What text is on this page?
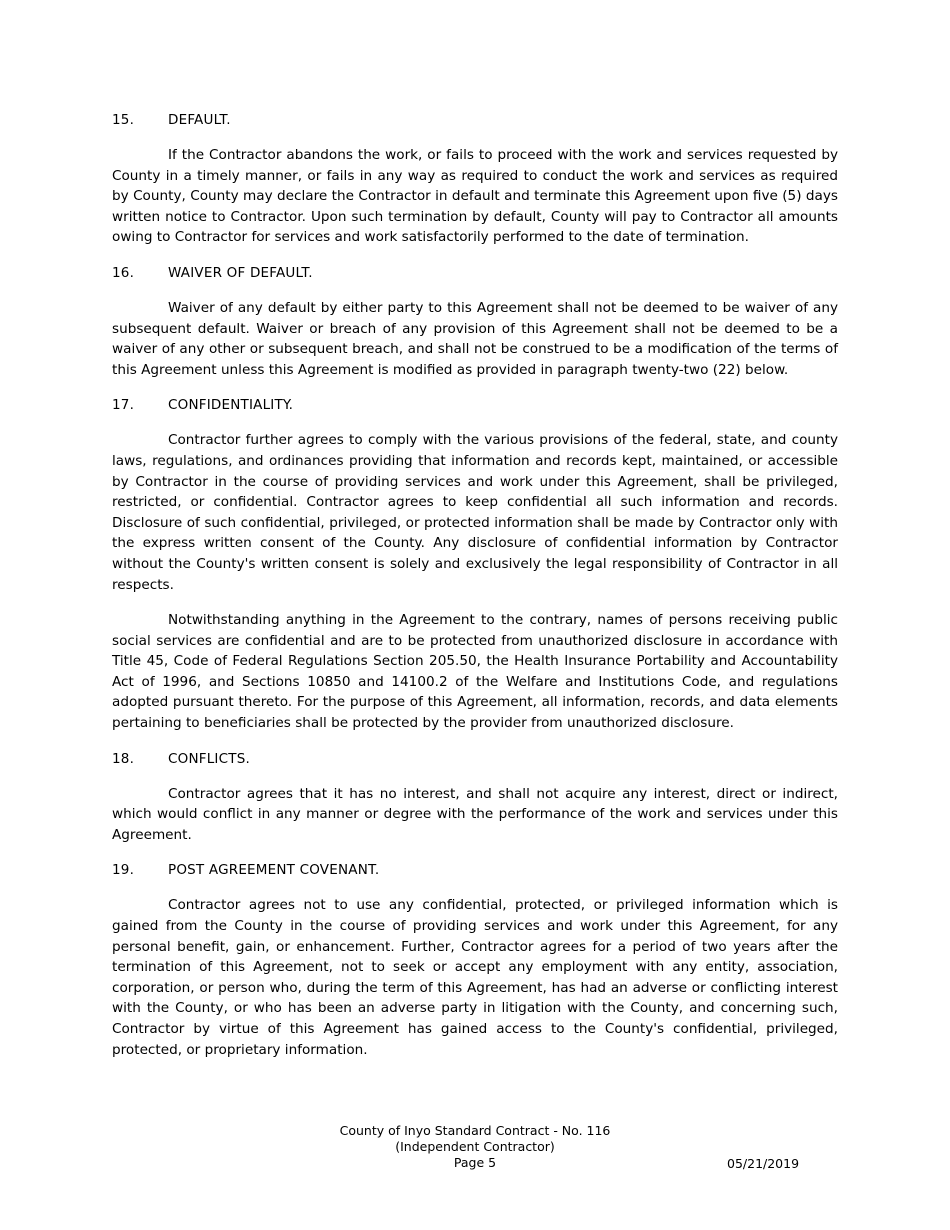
15.	DEFAULT.

If the Contractor abandons the work, or fails to proceed with the work and services requested by County in a timely manner, or fails in any way as required to conduct the work and services as required by County, County may declare the Contractor in default and terminate this Agreement upon five (5) days written notice to Contractor. Upon such termination by default, County will pay to Contractor all amounts owing to Contractor for services and work satisfactorily performed to the date of termination.

16.	WAIVER OF DEFAULT.

Waiver of any default by either party to this Agreement shall not be deemed to be waiver of any subsequent default. Waiver or breach of any provision of this Agreement shall not be deemed to be a waiver of any other or subsequent breach, and shall not be construed to be a modification of the terms of this Agreement unless this Agreement is modified as provided in paragraph twenty-two (22) below.

17.	CONFIDENTIALITY.

Contractor further agrees to comply with the various provisions of the federal, state, and county laws, regulations, and ordinances providing that information and records kept, maintained, or accessible by Contractor in the course of providing services and work under this Agreement, shall be privileged, restricted, or confidential. Contractor agrees to keep confidential all such information and records. Disclosure of such confidential, privileged, or protected information shall be made by Contractor only with the express written consent of the County. Any disclosure of confidential information by Contractor without the County's written consent is solely and exclusively the legal responsibility of Contractor in all respects.

Notwithstanding anything in the Agreement to the contrary, names of persons receiving public social services are confidential and are to be protected from unauthorized disclosure in accordance with Title 45, Code of Federal Regulations Section 205.50, the Health Insurance Portability and Accountability Act of 1996, and Sections 10850 and 14100.2 of the Welfare and Institutions Code, and regulations adopted pursuant thereto. For the purpose of this Agreement, all information, records, and data elements pertaining to beneficiaries shall be protected by the provider from unauthorized disclosure.

18.	CONFLICTS.

Contractor agrees that it has no interest, and shall not acquire any interest, direct or indirect, which would conflict in any manner or degree with the performance of the work and services under this Agreement.

19.	POST AGREEMENT COVENANT.

Contractor agrees not to use any confidential, protected, or privileged information which is gained from the County in the course of providing services and work under this Agreement, for any personal benefit, gain, or enhancement. Further, Contractor agrees for a period of two years after the termination of this Agreement, not to seek or accept any employment with any entity, association, corporation, or person who, during the term of this Agreement, has had an adverse or conflicting interest with the County, or who has been an adverse party in litigation with the County, and concerning such, Contractor by virtue of this Agreement has gained access to the County's confidential, privileged, protected, or proprietary information.

County of Inyo Standard Contract - No. 116
(Independent Contractor)
Page 5	05/21/2019
